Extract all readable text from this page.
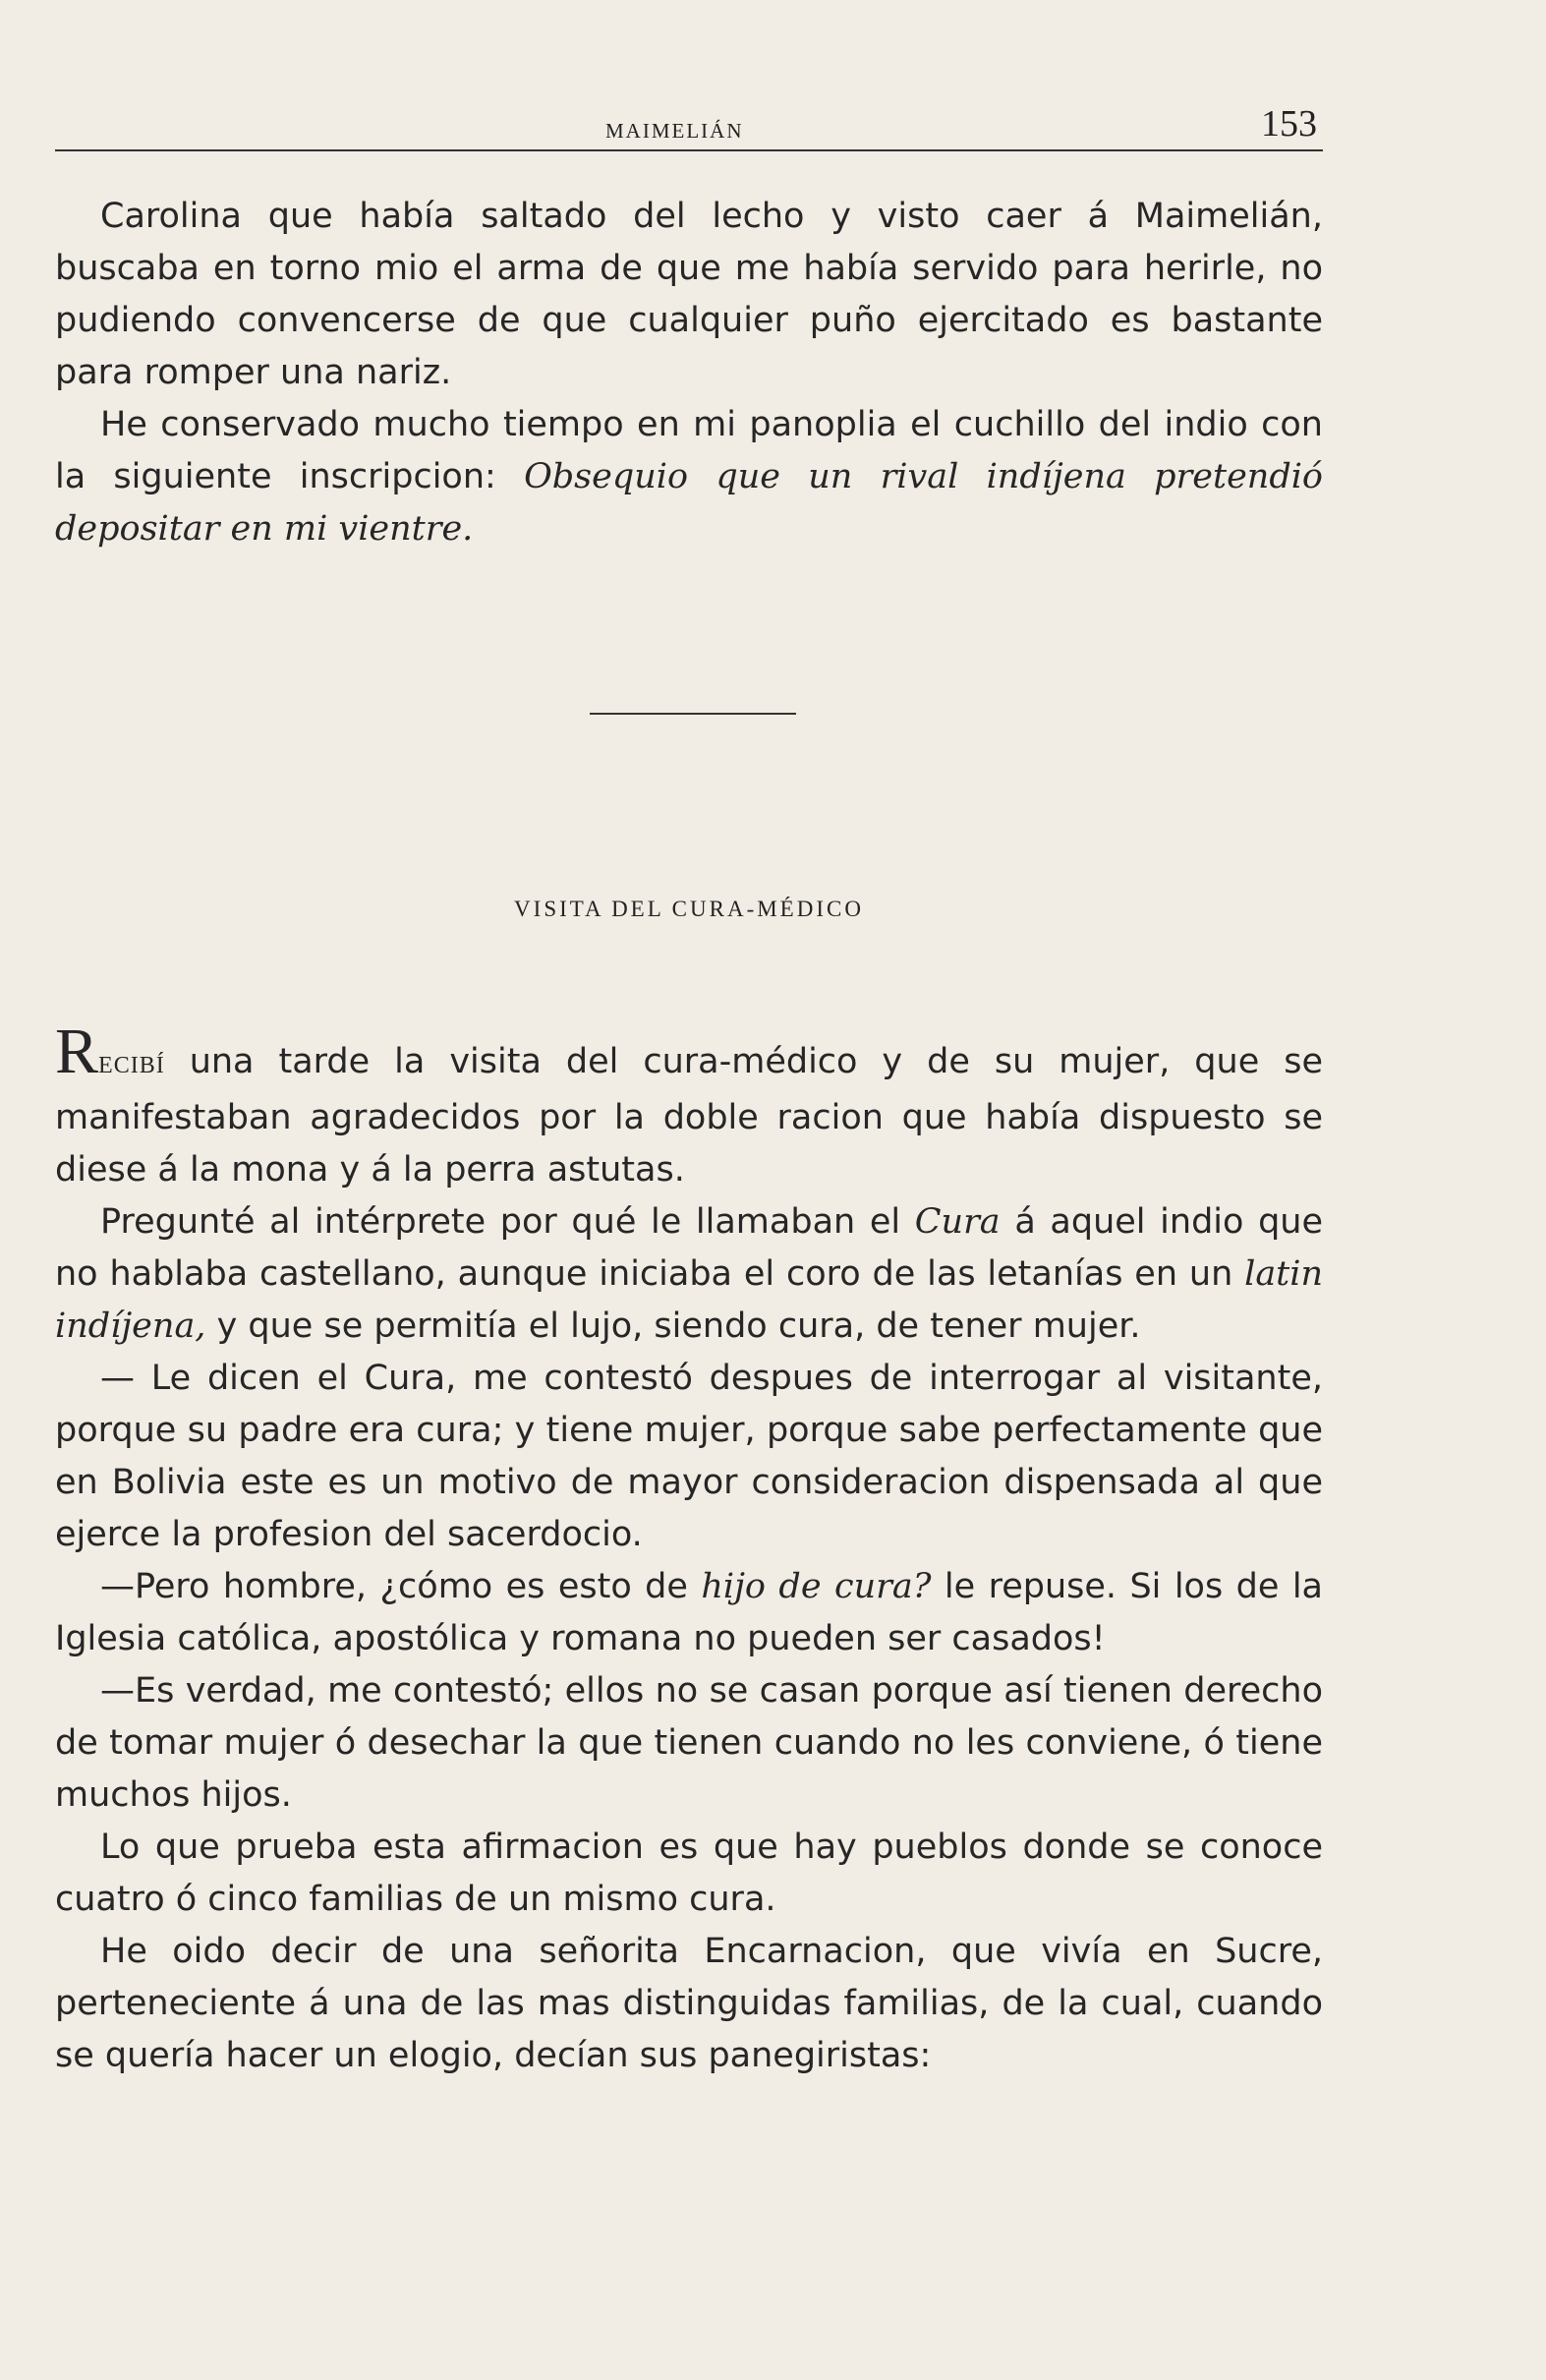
MAIMELIÁN	153

Carolina que había saltado del lecho y visto caer á Maimelián, buscaba en torno mio el arma de que me había servido para herirle, no pudiendo convencerse de que cualquier puño ejercitado es bastante para romper una nariz.

He conservado mucho tiempo en mi panoplia el cuchillo del indio con la siguiente inscripcion: Obsequio que un rival indíjena pretendió depositar en mi vientre.

VISITA DEL CURA-MÉDICO

RECIBÍ una tarde la visita del cura-médico y de su mujer, que se manifestaban agradecidos por la doble racion que había dispuesto se diese á la mona y á la perra astutas.

Pregunté al intérprete por qué le llamaban el Cura á aquel indio que no hablaba castellano, aunque iniciaba el coro de las letanías en un latin indíjena, y que se permitía el lujo, siendo cura, de tener mujer.

— Le dicen el Cura, me contestó despues de interrogar al visitante, porque su padre era cura; y tiene mujer, porque sabe perfectamente que en Bolivia este es un motivo de mayor consideracion dispensada al que ejerce la profesion del sacerdocio.

—Pero hombre, ¿cómo es esto de hijo de cura? le repuse. Si los de la Iglesia católica, apostólica y romana no pueden ser casados!

—Es verdad, me contestó; ellos no se casan porque así tienen derecho de tomar mujer ó desechar la que tienen cuando no les conviene, ó tiene muchos hijos.

Lo que prueba esta afirmacion es que hay pueblos donde se conoce cuatro ó cinco familias de un mismo cura.

He oido decir de una señorita Encarnacion, que vivía en Sucre, perteneciente á una de las mas distinguidas familias, de la cual, cuando se quería hacer un elogio, decían sus panegiristas:
